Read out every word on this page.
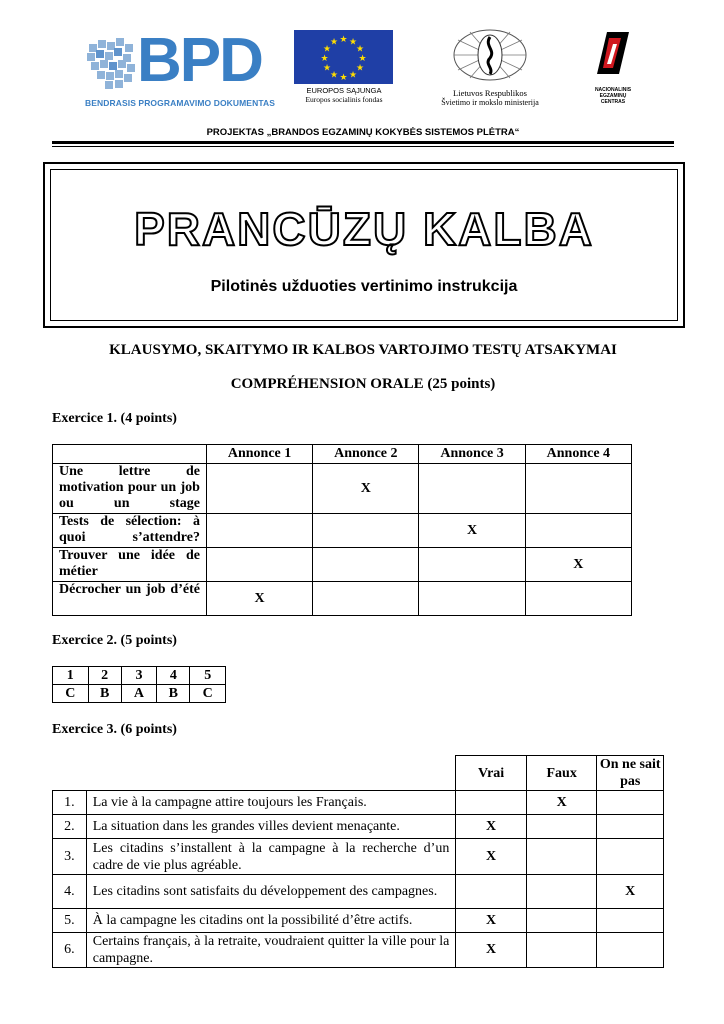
BPD
BENDRASIS PROGRAMAVIMO DOKUMENTAS
★ ★
★
★
★
★
★
★
★
★
★
★
EUROPOS SĄJUNGA
Europos socialinis fondas
Lietuvos Respublikos
Švietimo ir mokslo ministerija
NACIONALINIS
EGZAMINŲ
CENTRAS
PROJEKTAS „BRANDOS EGZAMINŲ KOKYBĖS SISTEMOS PLĖTRA“
PRANCŪZŲ KALBA
Pilotinės užduoties vertinimo instrukcija
KLAUSYMO, SKAITYMO IR KALBOS VARTOJIMO TESTŲ ATSAKYMAI
COMPRÉHENSION ORALE (25 points)
Exercice 1. (4 points)
	Annonce 1	Annonce 2	Annonce 3	Annonce 4
Une lettre de motivation pour un job ou un stage		X		
Tests de sélection: à quoi s’attendre?			X	
Trouver une idée de métier				X
Décrocher un job d’été	X			
Exercice 2. (5 points)
1	2	3	4	5
C	B	A	B	C
Exercice 3. (6 points)
		Vrai	Faux	On ne sait pas
1.	La vie à la campagne attire toujours les Français.		X	
2.	La situation dans les grandes villes devient menaçante.	X		
3.	Les citadins s’installent à la campagne à la recherche d’un cadre de vie plus agréable.	X		
4.	Les citadins sont satisfaits du développement des campagnes.			X
5.	À la campagne les citadins ont la possibilité d’être actifs.	X		
6.	Certains français, à la retraite, voudraient quitter la ville pour la campagne.	X		
